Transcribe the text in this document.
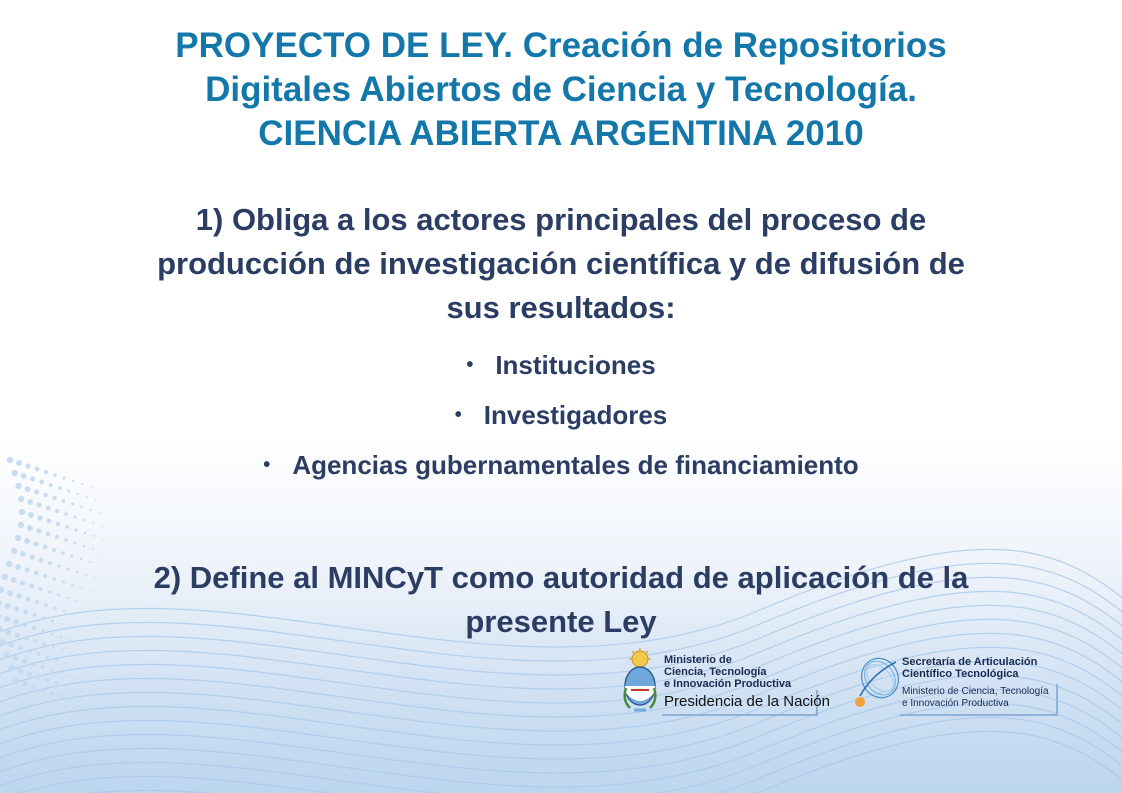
PROYECTO DE LEY. Creación de Repositorios
Digitales Abiertos de Ciencia y Tecnología.
CIENCIA ABIERTA ARGENTINA 2010

1) Obliga a los actores principales del proceso de
producción de investigación científica y de difusión de
sus resultados:

• Instituciones
• Investigadores
• Agencias gubernamentales de financiamiento

2) Define al MINCyT como autoridad de aplicación de la
presente Ley

Ministerio de
Ciencia, Tecnología
e Innovación Productiva
Presidencia de la Nación
Secretaría de Articulación
Científico Tecnológica
Ministerio de Ciencia, Tecnología
e Innovación Productiva
